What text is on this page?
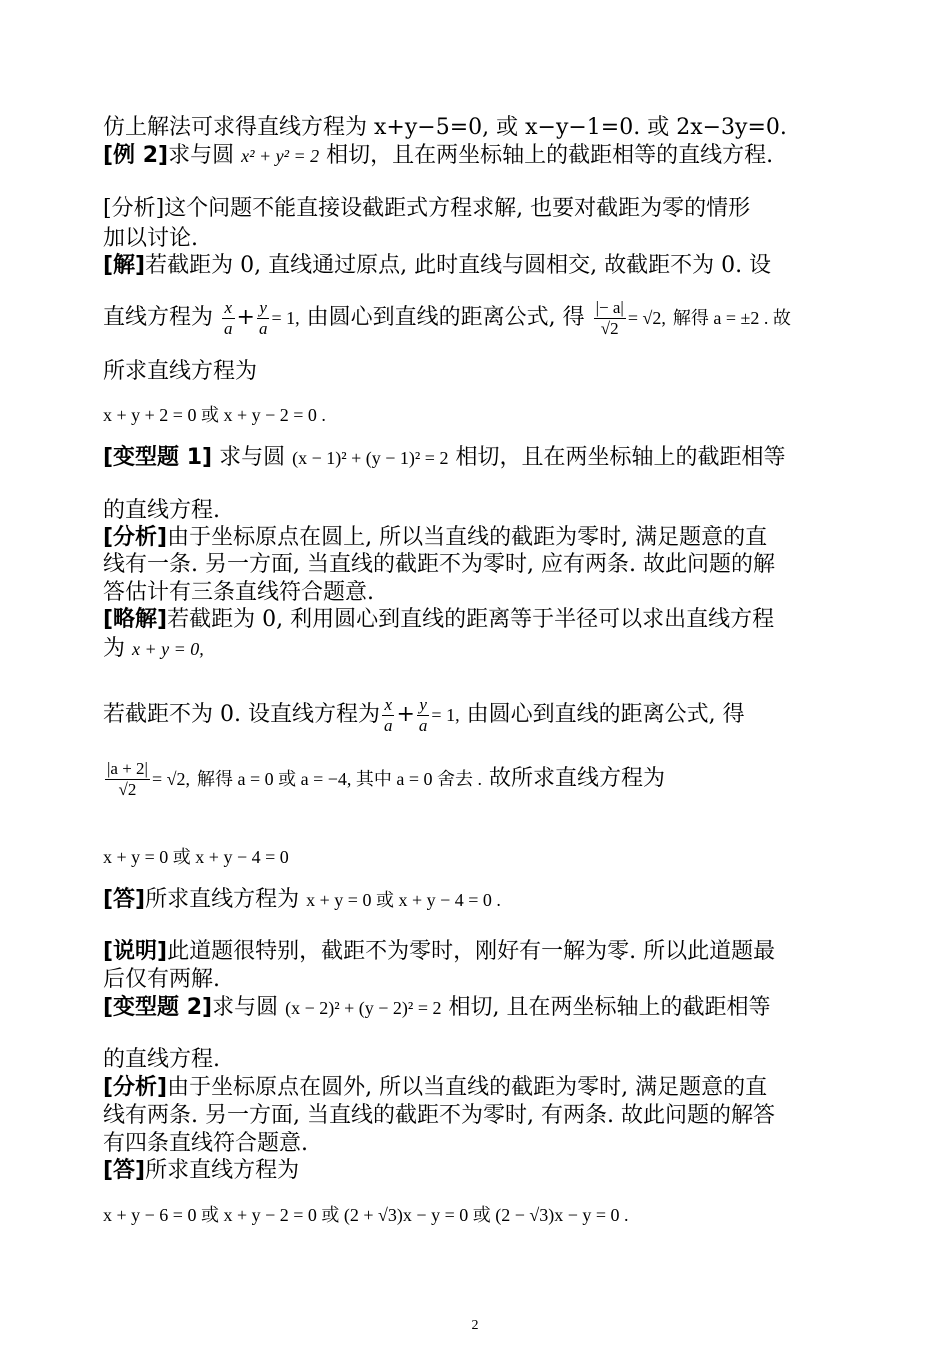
仿上解法可求得直线方程为 x+y−5=0, 或 x−y−1=0. 或 2x−3y=0.
[例 2]求与圆 x² + y² = 2 相切，且在两坐标轴上的截距相等的直线方程.
[分析]这个问题不能直接设截距式方程求解, 也要对截距为零的情形
加以讨论.
[解]若截距为 0, 直线通过原点, 此时直线与圆相交, 故截距不为 0. 设
直线方程为 $\frac{x}{a} + \frac{y}{a} = 1$, 由圆心到直线的距离公式, 得 $\frac{|- a|}{√2} = √2$, 解得 a = ±2 . 故
所求直线方程为
x + y + 2 = 0 或 x + y − 2 = 0 .
[变型题 1] 求与圆 (x − 1)² + (y − 1)² = 2 相切，且在两坐标轴上的截距相等
的直线方程.
[分析]由于坐标原点在圆上, 所以当直线的截距为零时, 满足题意的直
线有一条. 另一方面, 当直线的截距不为零时, 应有两条. 故此问题的解
答估计有三条直线符合题意.
[略解]若截距为 0, 利用圆心到直线的距离等于半径可以求出直线方程
为 x + y = 0,
若截距不为 0. 设直线方程为 $\frac{x}{a} + \frac{y}{a} = 1$, 由圆心到直线的距离公式, 得
$\frac{|a + 2|}{√2} = √2$, 解得 a = 0 或 a = −4, 其中 a = 0 舍去 . 故所求直线方程为
x + y = 0 或 x + y − 4 = 0
[答]所求直线方程为 x + y = 0 或 x + y − 4 = 0 .
[说明]此道题很特别，截距不为零时，刚好有一解为零. 所以此道题最
后仅有两解.
[变型题 2]求与圆 (x − 2)² + (y − 2)² = 2 相切, 且在两坐标轴上的截距相等
的直线方程.
[分析]由于坐标原点在圆外, 所以当直线的截距为零时, 满足题意的直
线有两条. 另一方面, 当直线的截距不为零时, 有两条. 故此问题的解答
有四条直线符合题意.
[答]所求直线方程为
x + y − 6 = 0 或 x + y − 2 = 0 或 (2 + √3)x − y = 0 或 (2 − √3)x − y = 0 .
2
